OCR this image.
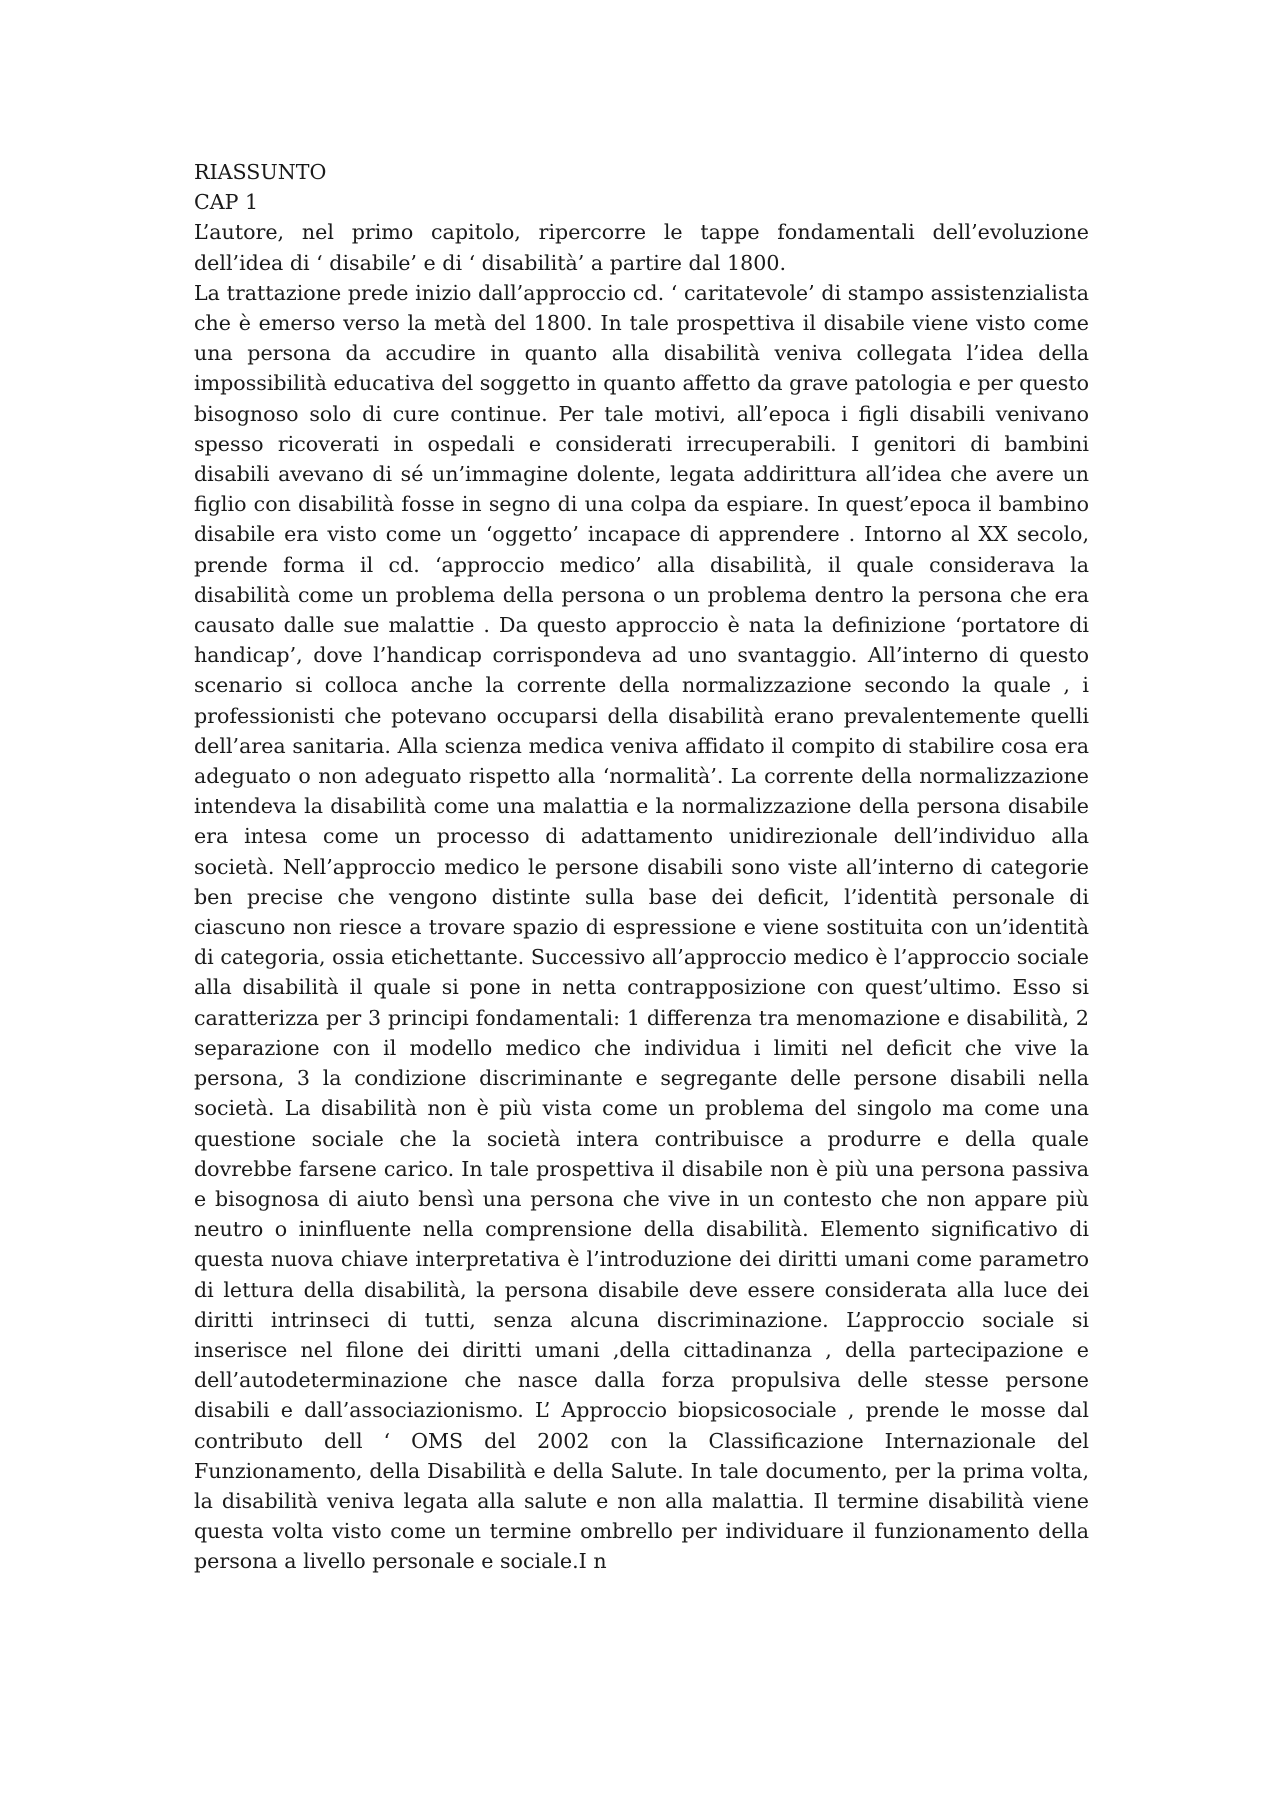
RIASSUNTO
CAP 1

L’autore, nel primo capitolo, ripercorre le tappe fondamentali dell’evoluzione dell’idea di ‘ disabile’ e di ‘ disabilità’ a partire dal 1800.

La trattazione prede inizio dall’approccio cd. ‘ caritatevole’ di stampo assistenzialista che è emerso verso la metà del 1800. In tale prospettiva il disabile viene visto come una persona da accudire in quanto alla disabilità veniva collegata l’idea della impossibilità educativa del soggetto in quanto affetto da grave patologia e per questo bisognoso solo di cure continue. Per tale motivi, all’epoca i figli disabili venivano spesso ricoverati in ospedali e considerati irrecuperabili. I genitori di bambini disabili avevano di sé un’immagine dolente, legata addirittura all’idea che avere un figlio con disabilità fosse in segno di una colpa da espiare. In quest’epoca il bambino disabile era visto come un ‘oggetto’ incapace di apprendere . Intorno al XX secolo, prende forma il cd. ‘approccio medico’ alla disabilità, il quale considerava la disabilità come un problema della persona o un problema dentro la persona che era causato dalle sue malattie . Da questo approccio è nata la definizione ‘portatore di handicap’, dove l’handicap corrispondeva ad uno svantaggio. All’interno di questo scenario si colloca anche la corrente della normalizzazione secondo la quale , i professionisti che potevano occuparsi della disabilità erano prevalentemente quelli dell’area sanitaria. Alla scienza medica veniva affidato il compito di stabilire cosa era adeguato o non adeguato rispetto alla ‘normalità’. La corrente della normalizzazione intendeva la disabilità come una malattia e la normalizzazione della persona disabile era intesa come un processo di adattamento unidirezionale dell’individuo alla società. Nell’approccio medico le persone disabili sono viste all’interno di categorie ben precise che vengono distinte sulla base dei deficit, l’identità personale di ciascuno non riesce a trovare spazio di espressione e viene sostituita con un’identità di categoria, ossia etichettante. Successivo all’approccio medico è l’approccio sociale alla disabilità il quale si pone in netta contrapposizione con quest’ultimo. Esso si caratterizza per 3 principi fondamentali: 1 differenza tra menomazione e disabilità, 2 separazione con il modello medico che individua i limiti nel deficit che vive la persona, 3 la condizione discriminante e segregante delle persone disabili nella società. La disabilità non è più vista come un problema del singolo ma come una questione sociale che la società intera contribuisce a produrre e della quale dovrebbe farsene carico. In tale prospettiva il disabile non è più una persona passiva e bisognosa di aiuto bensì una persona che vive in un contesto che non appare più neutro o ininfluente nella comprensione della disabilità. Elemento significativo di questa nuova chiave interpretativa è l’introduzione dei diritti umani come parametro di lettura della disabilità, la persona disabile deve essere considerata alla luce dei diritti intrinseci di tutti, senza alcuna discriminazione. L’approccio sociale si inserisce nel filone dei diritti umani ,della cittadinanza , della partecipazione e dell’autodeterminazione che nasce dalla forza propulsiva delle stesse persone disabili e dall’associazionismo. L’ Approccio biopsicosociale , prende le mosse dal contributo dell ‘ OMS del 2002 con la Classificazione Internazionale del Funzionamento, della Disabilità e della Salute. In tale documento, per la prima volta, la disabilità veniva legata alla salute e non alla malattia. Il termine disabilità viene questa volta visto come un termine ombrello per individuare il funzionamento della persona a livello personale e sociale.I n
